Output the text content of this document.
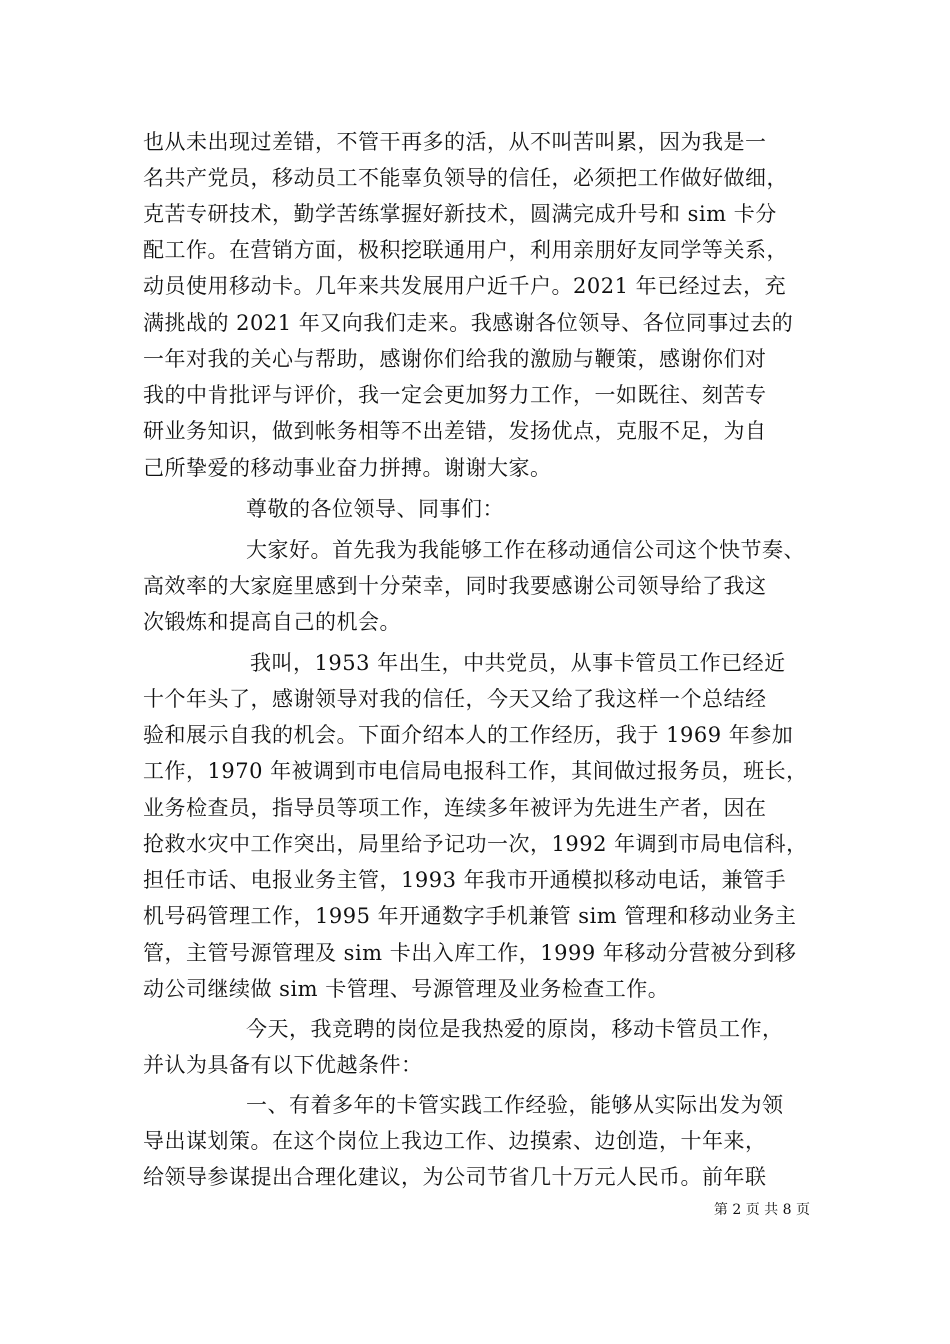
也从未出现过差错，不管干再多的活，从不叫苦叫累，因为我是一
名共产党员，移动员工不能辜负领导的信任，必须把工作做好做细，
克苦专研技术，勤学苦练掌握好新技术，圆满完成升号和 sim 卡分
配工作。在营销方面，极积挖联通用户，利用亲朋好友同学等关系，
动员使用移动卡。几年来共发展用户近千户。2021 年已经过去，充
满挑战的 2021 年又向我们走来。我感谢各位领导、各位同事过去的
一年对我的关心与帮助，感谢你们给我的激励与鞭策，感谢你们对
我的中肯批评与评价，我一定会更加努力工作，一如既往、刻苦专
研业务知识，做到帐务相等不出差错，发扬优点，克服不足，为自
己所挚爱的移动事业奋力拼搏。谢谢大家。
尊敬的各位领导、同事们：
大家好。首先我为我能够工作在移动通信公司这个快节奏、
高效率的大家庭里感到十分荣幸，同时我要感谢公司领导给了我这
次锻炼和提高自己的机会。
我叫，1953 年出生，中共党员，从事卡管员工作已经近
十个年头了，感谢领导对我的信任，今天又给了我这样一个总结经
验和展示自我的机会。下面介绍本人的工作经历，我于 1969 年参加
工作，1970 年被调到市电信局电报科工作，其间做过报务员，班长，
业务检查员，指导员等项工作，连续多年被评为先进生产者，因在
抢救水灾中工作突出，局里给予记功一次，1992 年调到市局电信科，
担任市话、电报业务主管，1993 年我市开通模拟移动电话，兼管手
机号码管理工作，1995 年开通数字手机兼管 sim 管理和移动业务主
管，主管号源管理及 sim 卡出入库工作，1999 年移动分营被分到移
动公司继续做 sim 卡管理、号源管理及业务检查工作。
今天，我竞聘的岗位是我热爱的原岗，移动卡管员工作，
并认为具备有以下优越条件：
一、有着多年的卡管实践工作经验，能够从实际出发为领
导出谋划策。在这个岗位上我边工作、边摸索、边创造，十年来，
给领导参谋提出合理化建议，为公司节省几十万元人民币。前年联
第 2 页 共 8 页
